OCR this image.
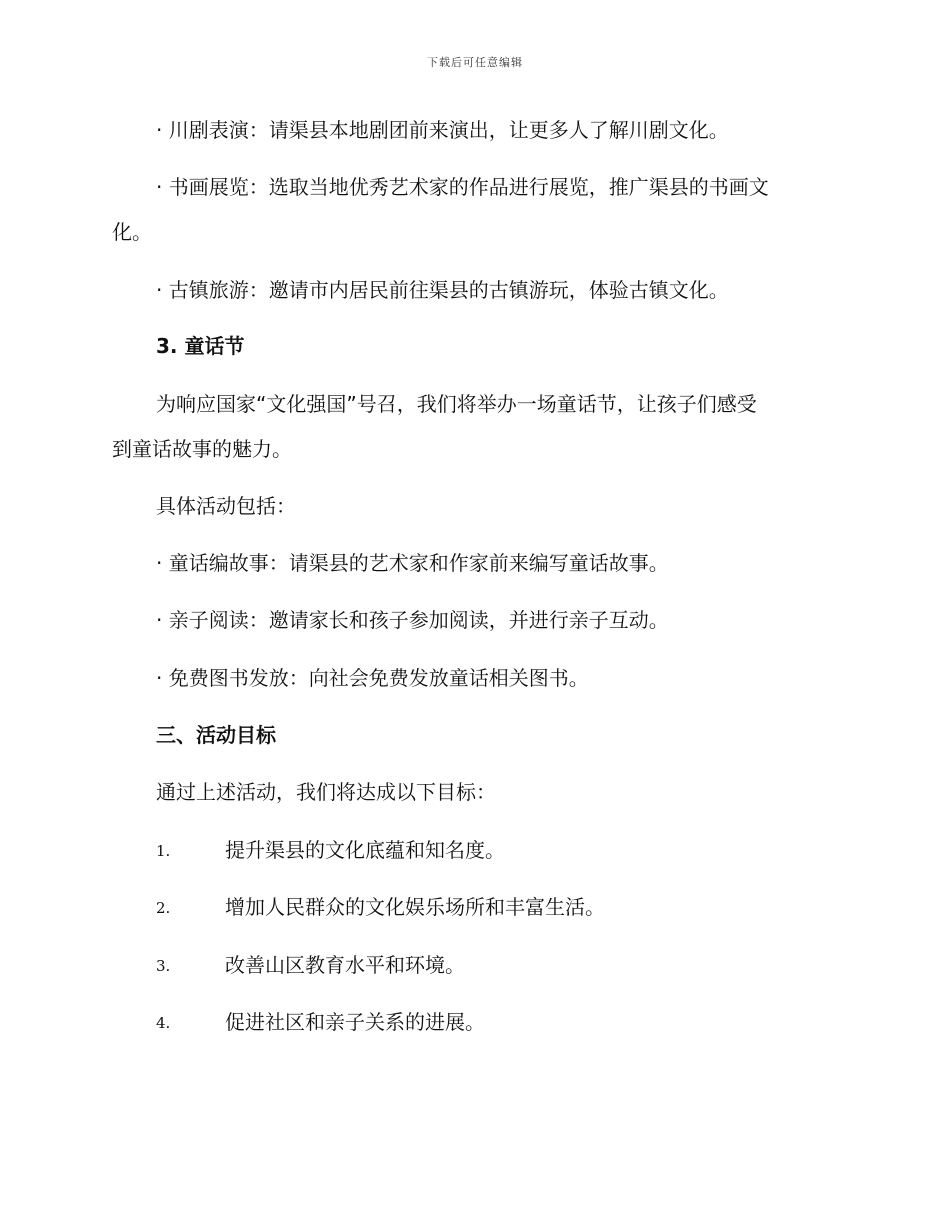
下载后可任意编辑
· 川剧表演：请渠县本地剧团前来演出，让更多人了解川剧文化。
· 书画展览：选取当地优秀艺术家的作品进行展览，推广渠县的书画文
化。
· 古镇旅游：邀请市内居民前往渠县的古镇游玩，体验古镇文化。
3. 童话节
为响应国家“文化强国”号召，我们将举办一场童话节，让孩子们感受
到童话故事的魅力。
具体活动包括：
· 童话编故事：请渠县的艺术家和作家前来编写童话故事。
· 亲子阅读：邀请家长和孩子参加阅读，并进行亲子互动。
· 免费图书发放：向社会免费发放童话相关图书。
三、活动目标
通过上述活动，我们将达成以下目标：
1.	提升渠县的文化底蕴和知名度。
2.	增加人民群众的文化娱乐场所和丰富生活。
3.	改善山区教育水平和环境。
4.	促进社区和亲子关系的进展。
